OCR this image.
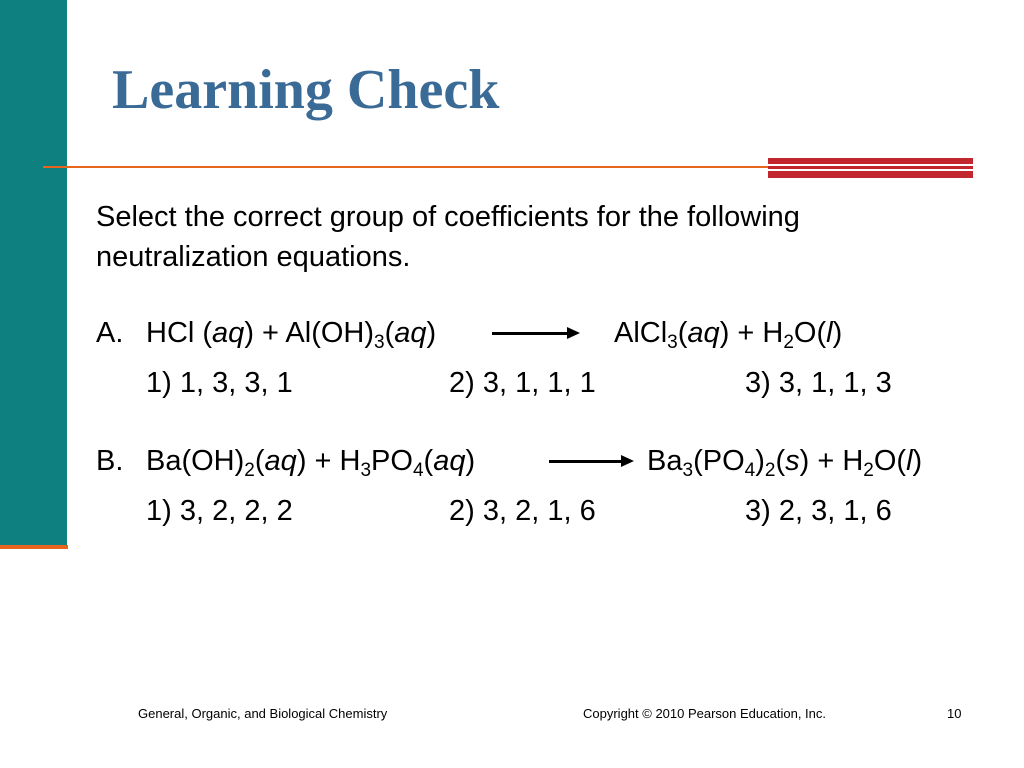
Learning Check
Select the correct group of coefficients for the following
neutralization equations.
A. HCl $(aq) + Al(OH)_3(aq)$	AlCl$_3$(aq) + $H_2O(l)$
1) 1, 3, 3, 1	2) 3, 1, 1, 1	3) 3, 1, 1, 3
B. $Ba(OH)_2(aq) + H_3PO_4(aq)$	$Ba_3(PO_4)_2(s) + H_2O(l)$
1) 3, 2, 2, 2	2) 3, 2, 1, 6	3) 2, 3, 1, 6
General, Organic, and Biological Chemistry	Copyright © 2010 Pearson Education, Inc.	10
